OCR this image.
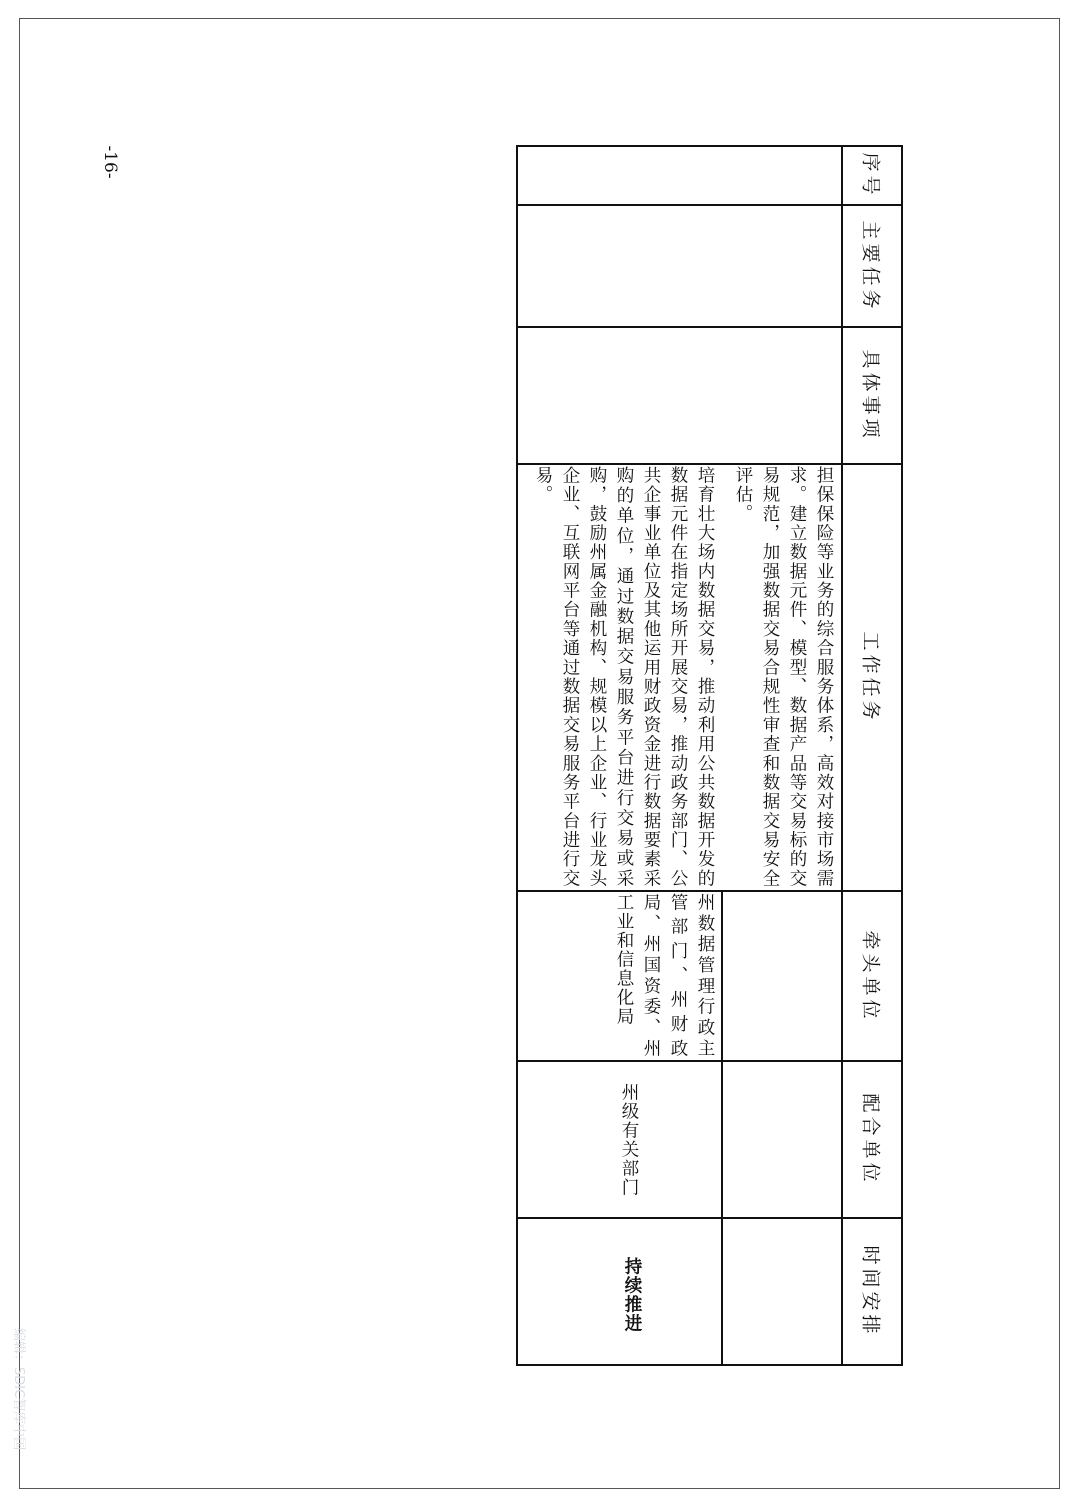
-16-
编辑：SDIC智库中国
序号
主要任务
具体事项
工作任务
牵头单位
配合单位
时间安排
担保保险等业务的综合服务体系，高效对接市场需求。建立数据元件、模型、数据产品等交易标的交易规范，加强数据交易合规性审查和数据交易安全评估。
培育壮大场内数据交易，推动利用公共数据开发的数据元件在指定场所开展交易，推动政务部门、公共企事业单位及其他运用财政资金进行数据要素采购的单位，通过数据交易服务平台进行交易或采购，鼓励州属金融机构、规模以上企业、行业龙头企业、互联网平台等通过数据交易服务平台进行交易。
州数据管理行政主管部门、州财政局、州国资委、州工业和信息化局
州级有关部门
持续推进
